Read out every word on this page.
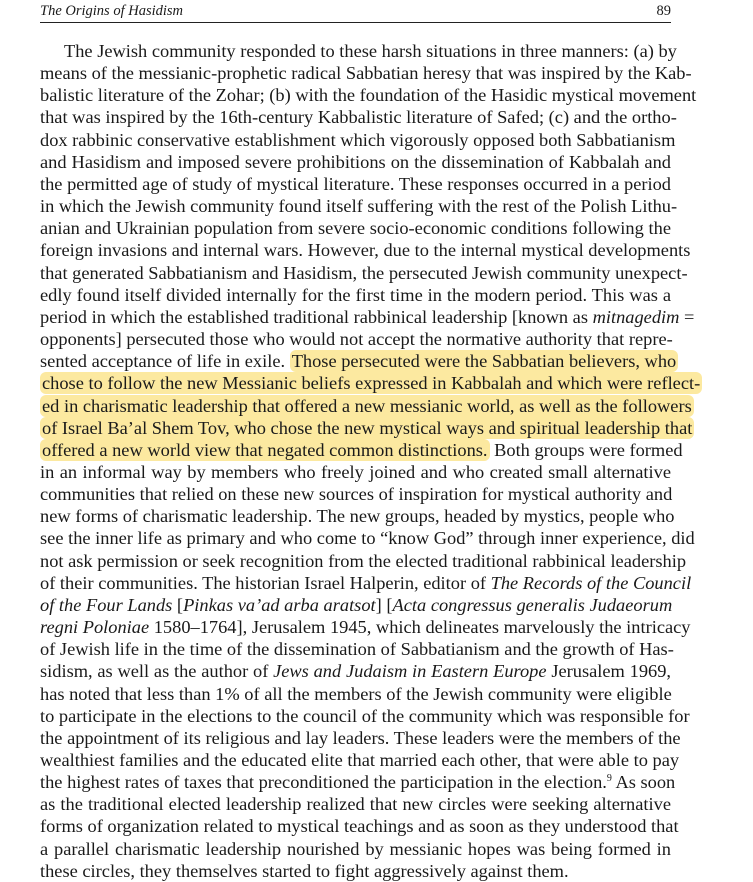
The Origins of Hasidism	89
The Jewish community responded to these harsh situations in three manners: (a) by
means of the messianic-prophetic radical Sabbatian heresy that was inspired by the Kab-
balistic literature of the Zohar; (b) with the foundation of the Hasidic mystical movement
that was inspired by the 16th-century Kabbalistic literature of Safed; (c) and the ortho-
dox rabbinic conservative establishment which vigorously opposed both Sabbatianism
and Hasidism and imposed severe prohibitions on the dissemination of Kabbalah and
the permitted age of study of mystical literature. These responses occurred in a period
in which the Jewish community found itself suffering with the rest of the Polish Lithu-
anian and Ukrainian population from severe socio-economic conditions following the
foreign invasions and internal wars. However, due to the internal mystical developments
that generated Sabbatianism and Hasidism, the persecuted Jewish community unexpect-
edly found itself divided internally for the first time in the modern period. This was a
period in which the established traditional rabbinical leadership [known as mitnagedim =
opponents] persecuted those who would not accept the normative authority that repre-
sented acceptance of life in exile. Those persecuted were the Sabbatian believers, who
chose to follow the new Messianic beliefs expressed in Kabbalah and which were reflect-
ed in charismatic leadership that offered a new messianic world, as well as the followers
of Israel Ba’al Shem Tov, who chose the new mystical ways and spiritual leadership that
offered a new world view that negated common distinctions. Both groups were formed
in an informal way by members who freely joined and who created small alternative
communities that relied on these new sources of inspiration for mystical authority and
new forms of charismatic leadership. The new groups, headed by mystics, people who
see the inner life as primary and who come to “know God” through inner experience, did
not ask permission or seek recognition from the elected traditional rabbinical leadership
of their communities. The historian Israel Halperin, editor of The Records of the Council
of the Four Lands [Pinkas va’ad arba aratsot] [Acta congressus generalis Judaeorum
regni Poloniae 1580–1764], Jerusalem 1945, which delineates marvelously the intricacy
of Jewish life in the time of the dissemination of Sabbatianism and the growth of Has-
sidism, as well as the author of Jews and Judaism in Eastern Europe Jerusalem 1969,
has noted that less than 1% of all the members of the Jewish community were eligible
to participate in the elections to the council of the community which was responsible for
the appointment of its religious and lay leaders. These leaders were the members of the
wealthiest families and the educated elite that married each other, that were able to pay
the highest rates of taxes that preconditioned the participation in the election.$^9$ As soon
as the traditional elected leadership realized that new circles were seeking alternative
forms of organization related to mystical teachings and as soon as they understood that
a parallel charismatic leadership nourished by messianic hopes was being formed in
these circles, they themselves started to fight aggressively against them.
